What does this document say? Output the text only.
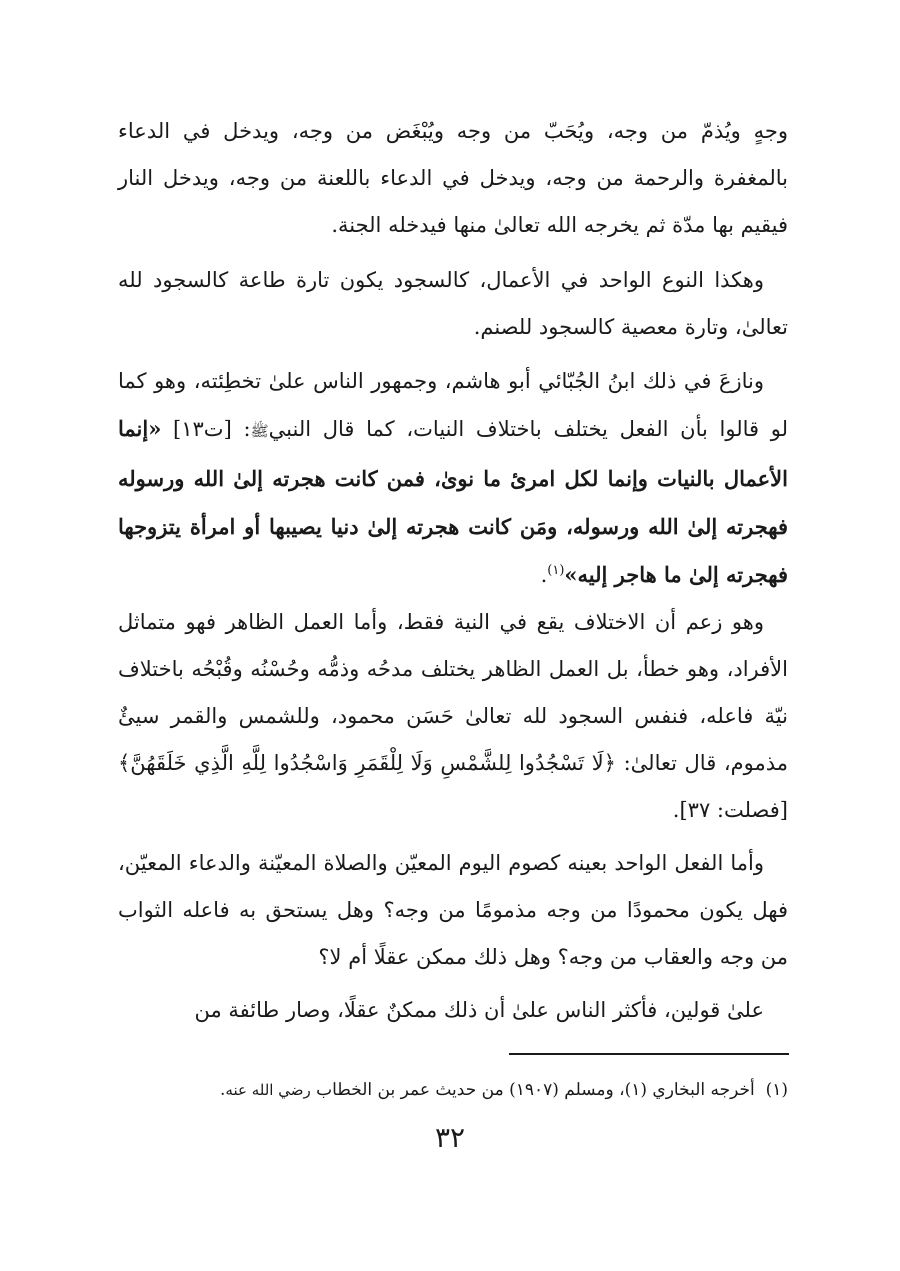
وجهٍ ويُذمّ من وجه، ويُحَبّ من وجه ويُبْغَض من وجه، ويدخل في الدعاء بالمغفرة والرحمة من وجه، ويدخل في الدعاء باللعنة من وجه، ويدخل النار فيقيم بها مدّة ثم يخرجه الله تعالىٰ منها فيدخله الجنة.

وهكذا النوع الواحد في الأعمال، كالسجود يكون تارة طاعة كالسجود لله تعالىٰ، وتارة معصية كالسجود للصنم.

ونازعَ في ذلك ابنُ الجُبّائي أبو هاشم، وجمهور الناس علىٰ تخطِئته، وهو كما لو قالوا بأن الفعل يختلف باختلاف النيات، كما قال النبيﷺ: [ت١٣] «إنما الأعمال بالنيات وإنما لكل امرئ ما نوىٰ، فمن كانت هجرته إلىٰ الله ورسوله فهجرته إلىٰ الله ورسوله، ومَن كانت هجرته إلىٰ دنيا يصيبها أو امرأة يتزوجها فهجرته إلىٰ ما هاجر إليه»$^{(١)}$.

وهو زعم أن الاختلاف يقع في النية فقط، وأما العمل الظاهر فهو متماثل الأفراد، وهو خطأ، بل العمل الظاهر يختلف مدحُه وذمُّه وحُسْنُه وقُبْحُه باختلاف نيّة فاعله، فنفس السجود لله تعالىٰ حَسَن محمود، وللشمس والقمر سيئٌ مذموم، قال تعالىٰ: ﴿لَا تَسْجُدُوا لِلشَّمْسِ وَلَا لِلْقَمَرِ وَاسْجُدُوا لِلَّهِ الَّذِي خَلَقَهُنَّ﴾ [فصلت: ٣٧].

وأما الفعل الواحد بعينه كصوم اليوم المعيّن والصلاة المعيّنة والدعاء المعيّن، فهل يكون محمودًا من وجه مذمومًا من وجه؟ وهل يستحق به فاعله الثواب من وجه والعقاب من وجه؟ وهل ذلك ممكن عقلًا أم لا؟

علىٰ قولين، فأكثر الناس علىٰ أن ذلك ممكنٌ عقلًا، وصار طائفة من

(١)  أخرجه البخاري (١)، ومسلم (١٩٠٧) من حديث عمر بن الخطاب رضي الله عنه.

٣٢
